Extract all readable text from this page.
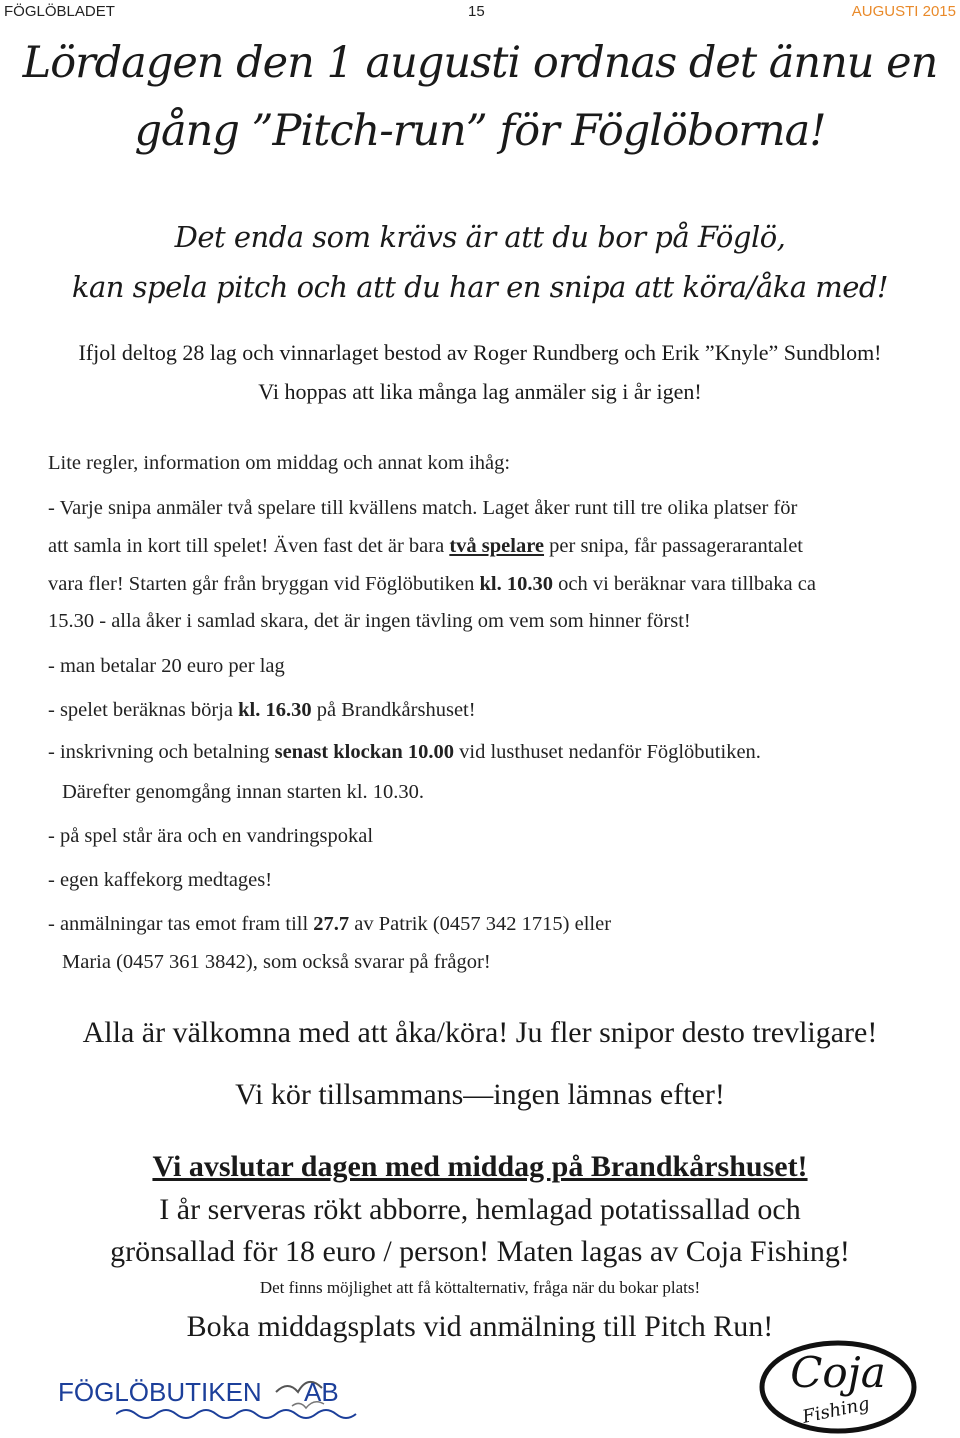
FÖGLÖBLADET	15	AUGUSTI 2015
Lördagen den 1 augusti ordnas det ännu en
gång ”Pitch-run” för Föglöborna!
Det enda som krävs är att du bor på Föglö,
kan spela pitch och att du har en snipa att köra/åka med!
Ifjol deltog 28 lag och vinnarlaget bestod av Roger Rundberg och Erik ”Knyle” Sundblom!
Vi hoppas att lika många lag anmäler sig i år igen!
Lite regler, information om middag och annat kom ihåg:
- Varje snipa anmäler två spelare till kvällens match. Laget åker runt till tre olika platser för
att samla in kort till spelet! Även fast det är bara två spelare per snipa, får passagerarantalet
vara fler! Starten går från bryggan vid Föglöbutiken kl. 10.30 och vi beräknar vara tillbaka ca
15.30 - alla åker i samlad skara, det är ingen tävling om vem som hinner först!
- man betalar 20 euro per lag
- spelet beräknas börja kl. 16.30 på Brandkårshuset!
- inskrivning och betalning senast klockan 10.00 vid lusthuset nedanför Föglöbutiken.
Därefter genomgång innan starten kl. 10.30.
- på spel står ära och en vandringspokal
- egen kaffekorg medtages!
- anmälningar tas emot fram till 27.7 av Patrik (0457 342 1715) eller
Maria (0457 361 3842), som också svarar på frågor!
Alla är välkomna med att åka/köra! Ju fler snipor desto trevligare!
Vi kör tillsammans—ingen lämnas efter!
Vi avslutar dagen med middag på Brandkårshuset!
I år serveras rökt abborre, hemlagad potatissallad och
grönsallad för 18 euro / person! Maten lagas av Coja Fishing!
Det finns möjlighet att få köttalternativ, fråga när du bokar plats!
Boka middagsplats vid anmälning till Pitch Run!
FÖGLÖBUTIKEN AB	Coja
Fishing
